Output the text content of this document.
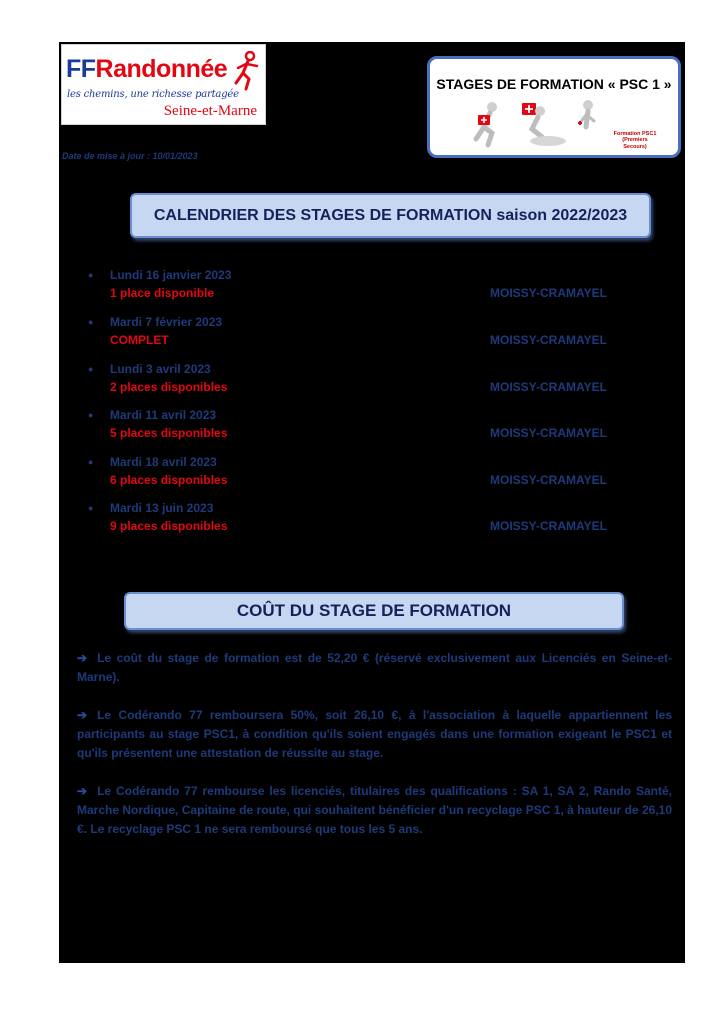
FFRandonnée
les chemins, une richesse partagée
Seine-et-Marne
STAGES DE FORMATION « PSC 1 »
Formation PSC1
(Premiers Secours)
Date de mise à jour : 10/01/2023
CALENDRIER DES STAGES DE FORMATION saison 2022/2023
● Lundi 16 janvier 2023
1 place disponible	MOISSY-CRAMAYEL
● Mardi 7 février 2023
COMPLET	MOISSY-CRAMAYEL
● Lundi 3 avril 2023
2 places disponibles	MOISSY-CRAMAYEL
● Mardi 11 avril 2023
5 places disponibles	MOISSY-CRAMAYEL
● Mardi 18 avril 2023
6 places disponibles	MOISSY-CRAMAYEL
● Mardi 13 juin 2023
9 places disponibles	MOISSY-CRAMAYEL
COÛT DU STAGE DE FORMATION

➔ Le coût du stage de formation est de 52,20 € (réservé exclusivement aux Licenciés en Seine-et-Marne).

➔ Le Codérando 77 remboursera 50%, soit 26,10 €, à l'association à laquelle appartiennent les participants au stage PSC1, à condition qu'ils soient engagés dans une formation exigeant le PSC1 et qu'ils présentent une attestation de réussite au stage.

➔ Le Codérando 77 rembourse les licenciés, titulaires des qualifications : SA 1, SA 2, Rando Santé, Marche Nordique, Capitaine de route, qui souhaitent bénéficier d'un recyclage PSC 1, à hauteur de 26,10 €. Le recyclage PSC 1 ne sera remboursé que tous les 5 ans.
